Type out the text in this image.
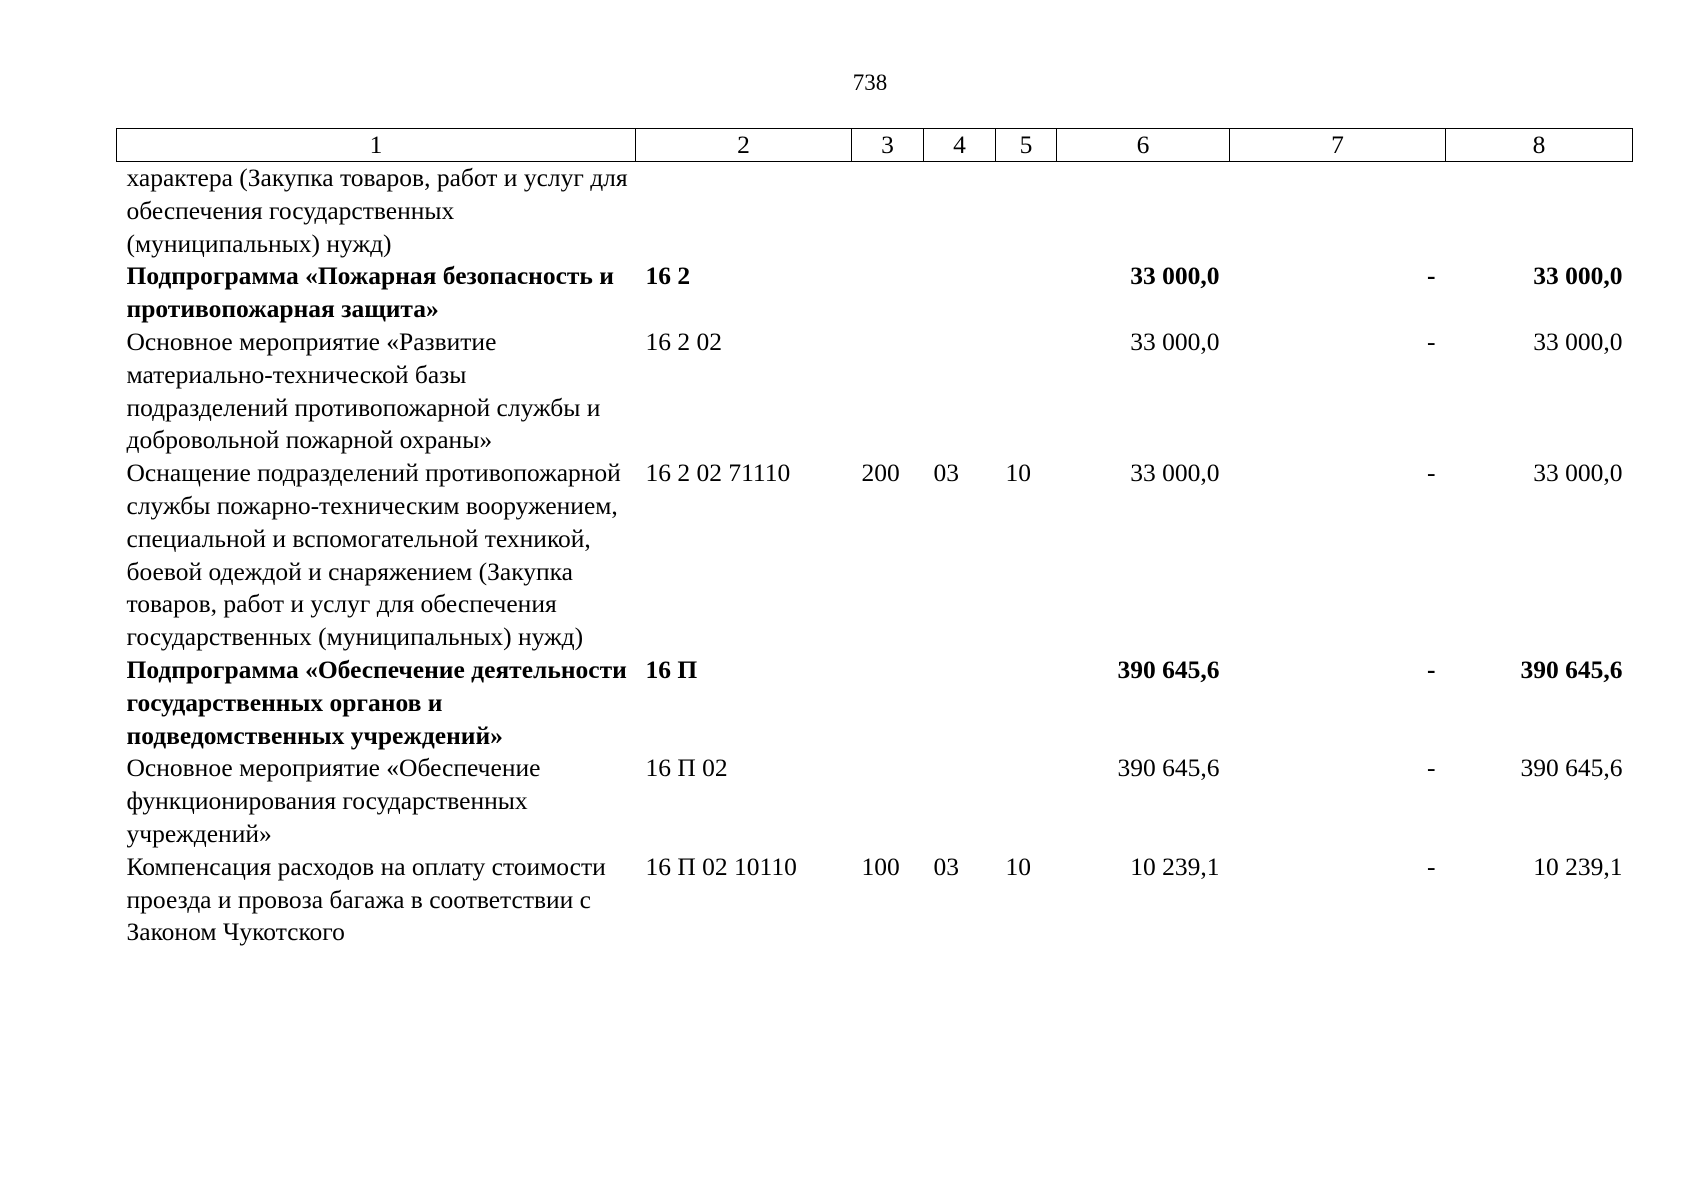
738
1	2	3	4	5	6	7	8
характера (Закупка товаров, работ и услуг для обеспечения государственных (муниципальных) нужд)							
Подпрограмма «Пожарная безопасность и противопожарная защита»	16 2				33 000,0	-	33 000,0
Основное мероприятие «Развитие материально-технической базы подразделений противопожарной службы и добровольной пожарной охраны»	16 2 02				33 000,0	-	33 000,0
Оснащение подразделений противопожарной службы пожарно-техническим вооружением, специальной и вспомогательной техникой, боевой одеждой и снаряжением (Закупка товаров, работ и услуг для обеспечения государственных (муниципальных) нужд)	16 2 02 71110	200	03	10	33 000,0	-	33 000,0
Подпрограмма «Обеспечение деятельности государственных органов и подведомственных учреждений»	16 П				390 645,6	-	390 645,6
Основное мероприятие «Обеспечение функционирования государственных учреждений»	16 П 02				390 645,6	-	390 645,6
Компенсация расходов на оплату стоимости проезда и провоза багажа в соответствии с Законом Чукотского	16 П 02 10110	100	03	10	10 239,1	-	10 239,1
